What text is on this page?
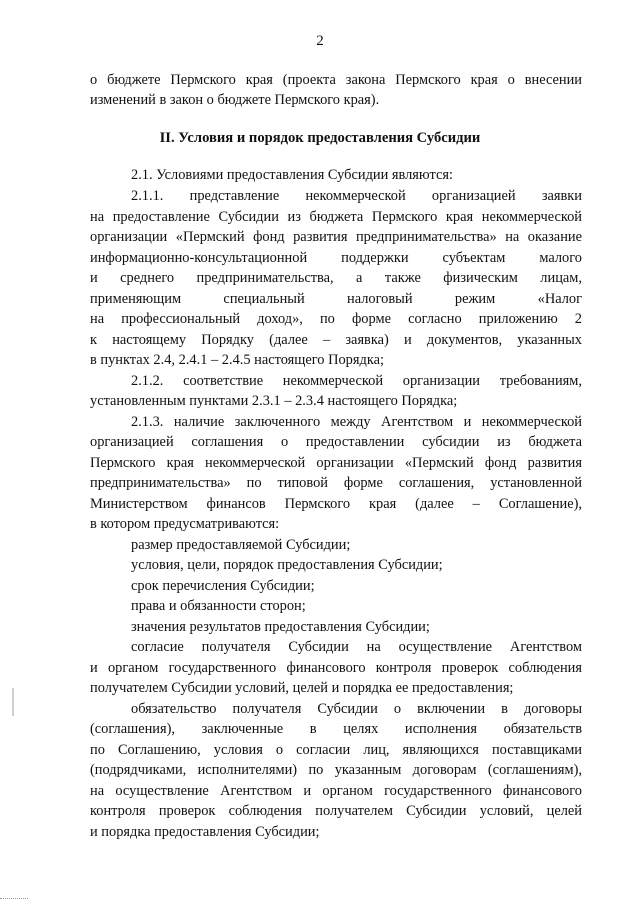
2
о бюджете Пермского края (проекта закона Пермского края о внесении
изменений в закон о бюджете Пермского края).
II. Условия и порядок предоставления Субсидии
2.1. Условиями предоставления Субсидии являются:
2.1.1. представление некоммерческой организацией заявки
на предоставление Субсидии из бюджета Пермского края некоммерческой
организации «Пермский фонд развития предпринимательства» на оказание
информационно-консультационной поддержки субъектам малого
и среднего предпринимательства, а также физическим лицам,
применяющим специальный налоговый режим «Налог
на профессиональный доход», по форме согласно приложению 2
к настоящему Порядку (далее – заявка) и документов, указанных
в пунктах 2.4, 2.4.1 – 2.4.5 настоящего Порядка;
2.1.2. соответствие некоммерческой организации требованиям,
установленным пунктами 2.3.1 – 2.3.4 настоящего Порядка;
2.1.3. наличие заключенного между Агентством и некоммерческой
организацией соглашения о предоставлении субсидии из бюджета
Пермского края некоммерческой организации «Пермский фонд развития
предпринимательства» по типовой форме соглашения, установленной
Министерством финансов Пермского края (далее – Соглашение),
в котором предусматриваются:
размер предоставляемой Субсидии;
условия, цели, порядок предоставления Субсидии;
срок перечисления Субсидии;
права и обязанности сторон;
значения результатов предоставления Субсидии;
согласие получателя Субсидии на осуществление Агентством
и органом государственного финансового контроля проверок соблюдения
получателем Субсидии условий, целей и порядка ее предоставления;
обязательство получателя Субсидии о включении в договоры
(соглашения), заключенные в целях исполнения обязательств
по Соглашению, условия о согласии лиц, являющихся поставщиками
(подрядчиками, исполнителями) по указанным договорам (соглашениям),
на осуществление Агентством и органом государственного финансового
контроля проверок соблюдения получателем Субсидии условий, целей
и порядка предоставления Субсидии;
